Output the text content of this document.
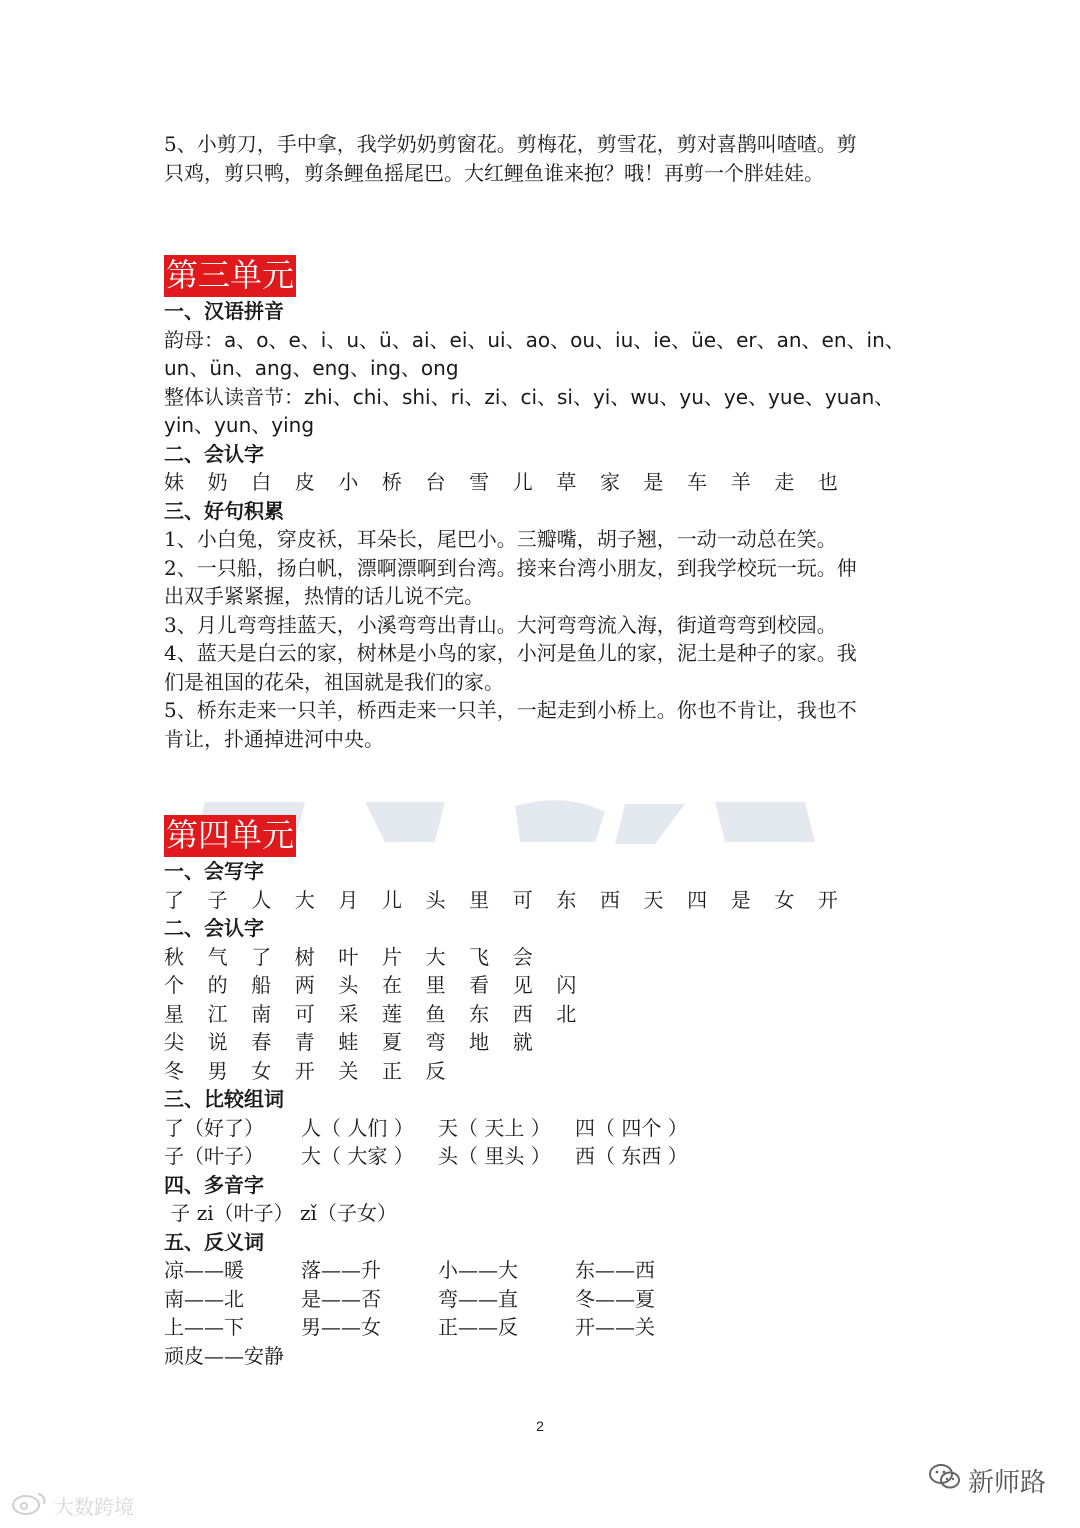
5、小剪刀，手中拿，我学奶奶剪窗花。剪梅花，剪雪花，剪对喜鹊叫喳喳。剪
只鸡，剪只鸭，剪条鲤鱼摇尾巴。大红鲤鱼谁来抱？哦！再剪一个胖娃娃。
第三单元
一、汉语拼音
韵母：a、o、e、i、u、ü、ai、ei、ui、ao、ou、iu、ie、üe、er、an、en、in、
un、ün、ang、eng、ing、ong
整体认读音节：zhi、chi、shi、ri、zi、ci、si、yi、wu、yu、ye、yue、yuan、
yin、yun、ying
二、会认字
妹 奶 白 皮 小 桥 台 雪 儿 草 家 是 车 羊 走 也
三、好句积累
1、小白兔，穿皮袄，耳朵长，尾巴小。三瓣嘴，胡子翘，一动一动总在笑。
2、一只船，扬白帆，漂啊漂啊到台湾。接来台湾小朋友，到我学校玩一玩。伸
出双手紧紧握，热情的话儿说不完。
3、月儿弯弯挂蓝天，小溪弯弯出青山。大河弯弯流入海，街道弯弯到校园。
4、蓝天是白云的家，树林是小鸟的家，小河是鱼儿的家，泥土是种子的家。我
们是祖国的花朵，祖国就是我们的家。
5、桥东走来一只羊，桥西走来一只羊，一起走到小桥上。你也不肯让，我也不
肯让，扑通掉进河中央。
第四单元
一、会写字
了 子 人 大 月 儿 头 里 可 东 西 天 四 是 女 开
二、会认字
秋 气 了 树 叶 片 大 飞 会
个 的 船 两 头 在 里 看 见 闪
星 江 南 可 采 莲 鱼 东 西 北
尖 说 春 青 蛙 夏 弯 地 就
冬 男 女 开 关 正 反
三、比较组词
了（好了） 人（ 人们 ） 天（ 天上 ） 四（ 四个 ）
子（叶子） 大（ 大家 ） 头（ 里头 ） 西（ 东西 ）
四、多音字
子 zi（叶子） zǐ（子女）
五、反义词
凉——暖	落——升	小——大	东——西
南——北	是——否	弯——直	冬——夏
上——下	男——女	正——反	开——关
顽皮——安静
2
新师路
大数跨境
